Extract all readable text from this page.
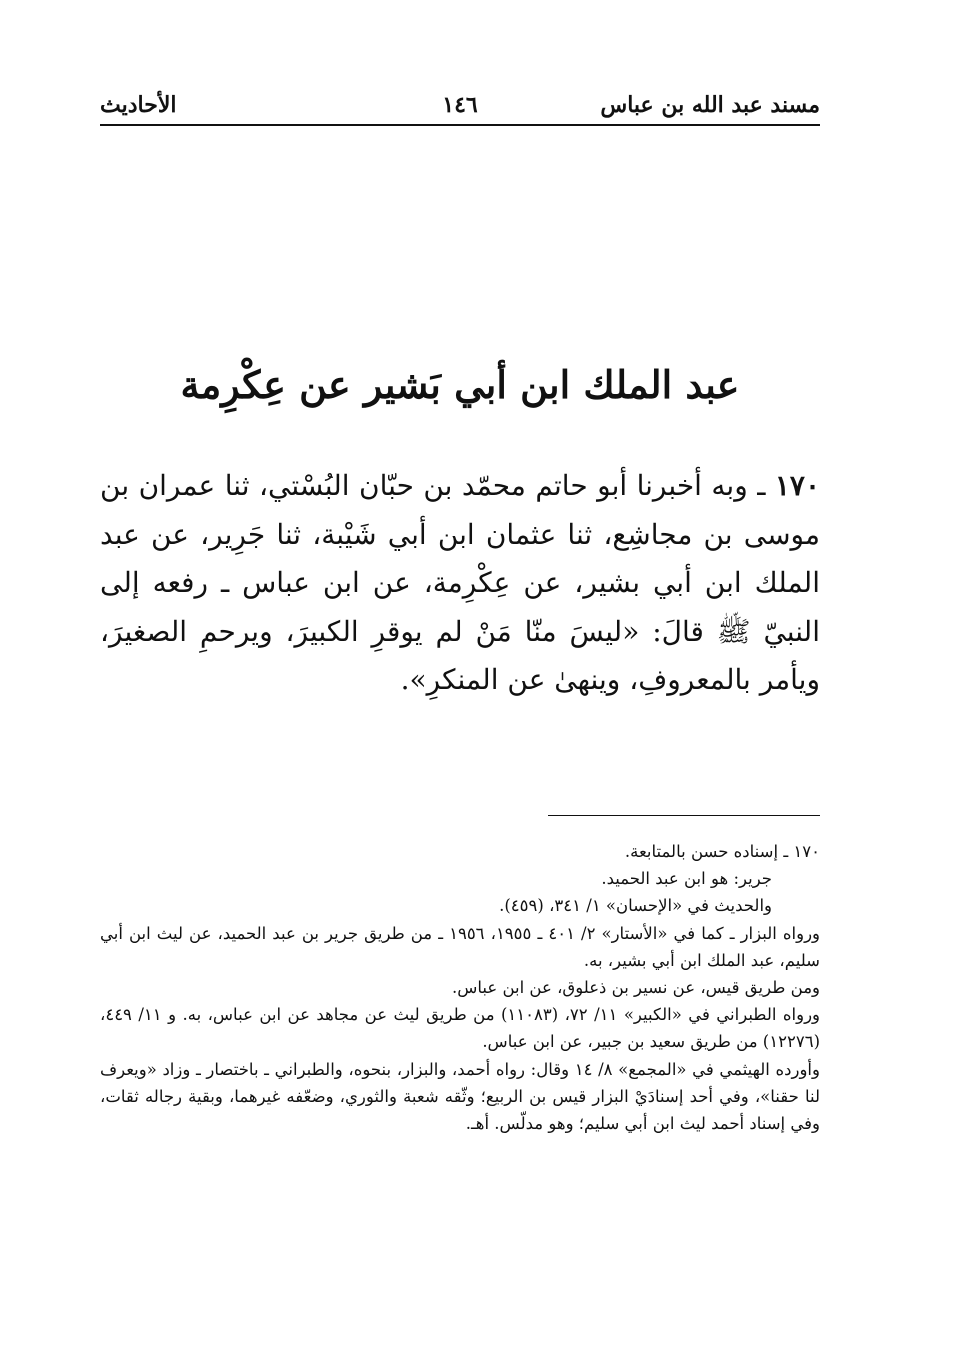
مسند عبد الله بن عباس
١٤٦
الأحاديث
عبد الملك ابن أبي بَشير عن عِكْرِمة

١٧٠ ـ وبه أخبرنا أبو حاتم محمّد بن حبّان البُسْتي، ثنا عمران بن موسى بن مجاشِع، ثنا عثمان ابن أبي شَيْبة، ثنا جَرِير، عن عبد الملك ابن أبي بشير، عن عِكْرِمة، عن ابن عباس ـ رفعه إلى النبيّ ﷺ قالَ: «ليسَ منّا مَنْ لم يوقرِ الكبيرَ، ويرحمِ الصغيرَ، ويأمر بالمعروفِ، وينهىٰ عن المنكرِ».

١٧٠ ـ إسناده حسن بالمتابعة.

جرير: هو ابن عبد الحميد.

والحديث في «الإحسان» ١/ ٣٤١، (٤٥٩).

ورواه البزار ـ كما في «الأستار» ٢/ ٤٠١ ـ ١٩٥٥، ١٩٥٦ ـ من طريق جرير بن عبد الحميد، عن ليث ابن أبي سليم، عبد الملك ابن أبي بشير، به.

ومن طريق قيس، عن نسير بن ذعلوق، عن ابن عباس.

ورواه الطبراني في «الكبير» ١١/ ٧٢، (١١٠٨٣) من طريق ليث عن مجاهد عن ابن عباس، به. و ١١/ ٤٤٩، (١٢٢٧٦) من طريق سعيد بن جبير، عن ابن عباس.

وأورده الهيثمي في «المجمع» ٨/ ١٤ وقال: رواه أحمد، والبزار، بنحوه، والطبراني ـ باختصار ـ وزاد «ويعرف لنا حقنا»، وفي أحد إسنادَيْ البزار قيس بن الربيع؛ وثّقه شعبة والثوري، وضعّفه غيرهما، وبقية رجاله ثقات، وفي إسناد أحمد ليث ابن أبي سليم؛ وهو مدلّس. أهـ.
